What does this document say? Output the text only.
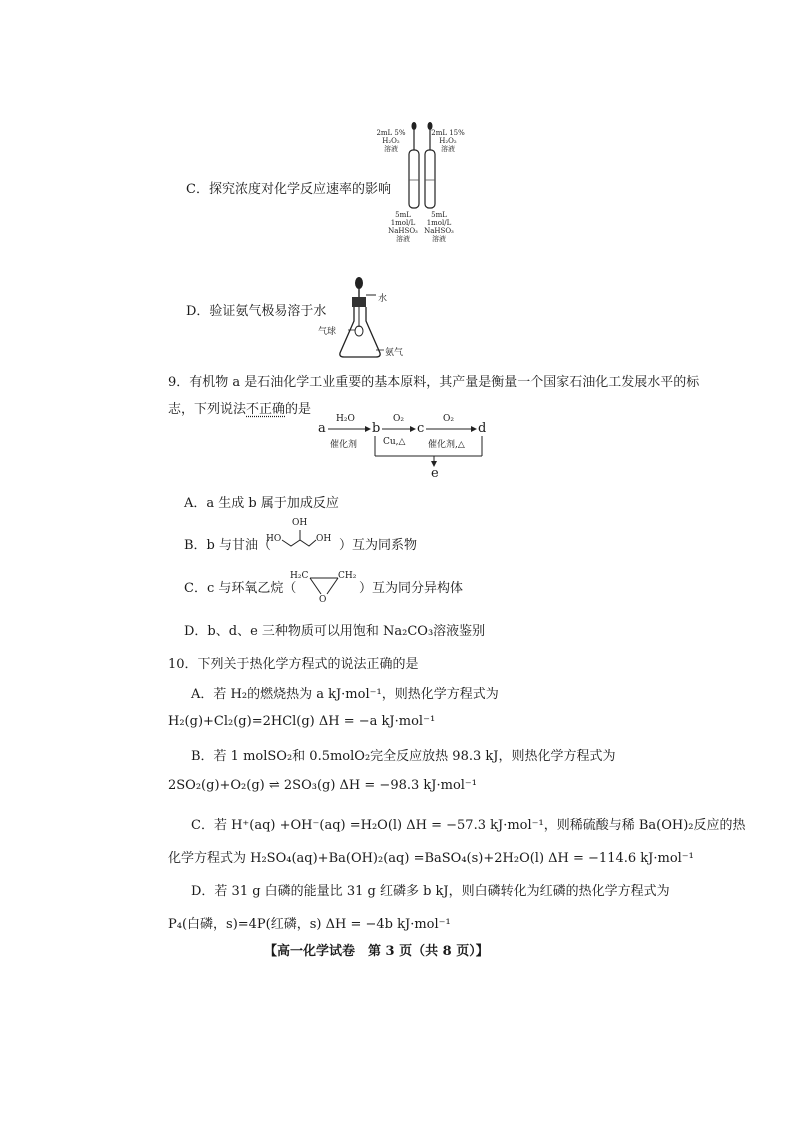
2mL 5%
H₂O₂
溶液
2mL 15%
H₂O₂
溶液
C．探究浓度对化学反应速率的影响
5mL
1mol/L
NaHSO₃
溶液
5mL
1mol/L
NaHSO₃
溶液
D．验证氨气极易溶于水
水
气球
氨气
9．有机物 a 是石油化学工业重要的基本原料，其产量是衡量一个国家石油化工发展水平的标
志，下列说法不正确的是
a
H₂O
催化剂
b
O₂
Cu,△
c
O₂
催化剂,△
d
e
A．a 生成 b 属于加成反应
B．b 与甘油（
OH
HO	OH ）互为同系物
C．c 与环氧乙烷（
H₂C	CH₂
O
）互为同分异构体
D．b、d、e 三种物质可以用饱和 Na₂CO₃溶液鉴别
10．下列关于热化学方程式的说法正确的是
A．若 H₂的燃烧热为 a kJ·mol⁻¹，则热化学方程式为
H₂(g)+Cl₂(g)=2HCl(g) ΔH = −a kJ·mol⁻¹
B．若 1 molSO₂和 0.5molO₂完全反应放热 98.3 kJ，则热化学方程式为
2SO₂(g)+O₂(g) ⇌ 2SO₃(g) ΔH = −98.3 kJ·mol⁻¹
C．若 H⁺(aq) +OH⁻(aq) =H₂O(l) ΔH = −57.3 kJ·mol⁻¹，则稀硫酸与稀 Ba(OH)₂反应的热
化学方程式为 H₂SO₄(aq)+Ba(OH)₂(aq) =BaSO₄(s)+2H₂O(l) ΔH = −114.6 kJ·mol⁻¹
D．若 31 g 白磷的能量比 31 g 红磷多 b kJ，则白磷转化为红磷的热化学方程式为
P₄(白磷，s)=4P(红磷，s) ΔH = −4b kJ·mol⁻¹
【高一化学试卷　第 3 页（共 8 页）】
